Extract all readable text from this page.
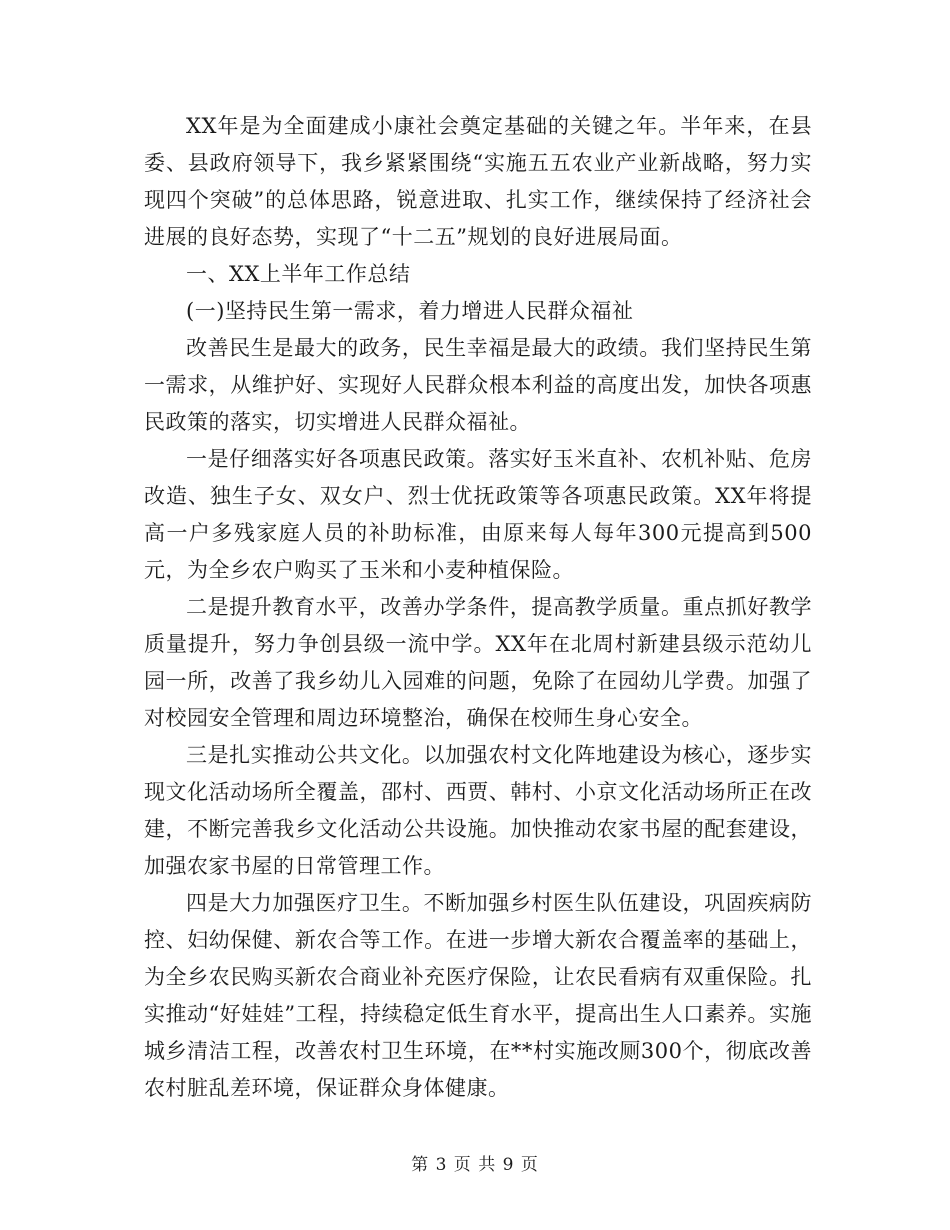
XX年是为全面建成小康社会奠定基础的关键之年。半年来，在县委、县政府领导下，我乡紧紧围绕“实施五五农业产业新战略，努力实现四个突破”的总体思路，锐意进取、扎实工作，继续保持了经济社会进展的良好态势，实现了“十二五”规划的良好进展局面。

一、XX上半年工作总结

(一)坚持民生第一需求，着力增进人民群众福祉

改善民生是最大的政务，民生幸福是最大的政绩。我们坚持民生第一需求，从维护好、实现好人民群众根本利益的高度出发，加快各项惠民政策的落实，切实增进人民群众福祉。

一是仔细落实好各项惠民政策。落实好玉米直补、农机补贴、危房改造、独生子女、双女户、烈士优抚政策等各项惠民政策。XX年将提高一户多残家庭人员的补助标准，由原来每人每年300元提高到500元，为全乡农户购买了玉米和小麦种植保险。

二是提升教育水平，改善办学条件，提高教学质量。重点抓好教学质量提升，努力争创县级一流中学。XX年在北周村新建县级示范幼儿园一所，改善了我乡幼儿入园难的问题，免除了在园幼儿学费。加强了对校园安全管理和周边环境整治，确保在校师生身心安全。

三是扎实推动公共文化。以加强农村文化阵地建设为核心，逐步实现文化活动场所全覆盖，邵村、西贾、韩村、小京文化活动场所正在改建，不断完善我乡文化活动公共设施。加快推动农家书屋的配套建设，加强农家书屋的日常管理工作。

四是大力加强医疗卫生。不断加强乡村医生队伍建设，巩固疾病防控、妇幼保健、新农合等工作。在进一步增大新农合覆盖率的基础上，为全乡农民购买新农合商业补充医疗保险，让农民看病有双重保险。扎实推动“好娃娃”工程，持续稳定低生育水平，提高出生人口素养。实施城乡清洁工程，改善农村卫生环境，在**村实施改厕300个，彻底改善农村脏乱差环境，保证群众身体健康。

第 3 页 共 9 页
